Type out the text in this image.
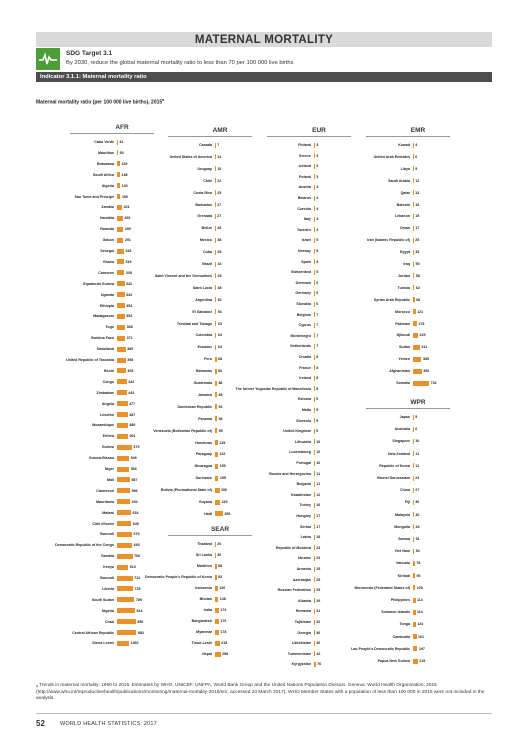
MATERNAL MORTALITY
SDG Target 3.1
By 2030, reduce the global maternal mortality ratio to less than 70 per 100 000 live births
Indicator 3.1.1: Maternal mortality ratio
Maternal mortality ratio (per 100 000 live births), 2015$^a$
AFR
Cabo Verde 42
Mauritius 53
Botswana 129
South Africa 138
Algeria 140
Sao Tome and Principe 156
Zambia	224
Namibia	265
Rwanda	290
Gabon	291
Senegal	315
Ghana	319
Comoros	335
Equatorial Guinea	342
Uganda	343
Ethiopia	353
Madagascar	353
Togo	368
Burkina Faso	371
Swaziland	389
United Republic of Tanzania	398
Benin	405
Congo	442
Zimbabwe	443
Angola	477
Lesotho	487
Mozambique	489
Eritrea	501
Guinea	679
Guinea-Bissau	549
Niger	553
Mali	587
Cameroon	596
Mauritania	602
Malawi	634
Côte d'Ivoire	645
Burundi	679
Democratic Republic of the Congo	693
Gambia	706
Kenya	510
Burundi	712
Liberia	725
South Sudan	789
Nigeria	814
Chad	856
Central African Republic	882
Sierra Leone	1360
AMR
Canada 7
United States of America 14
Uruguay 15
Chile 22
Costa Rica 25
Barbados 27
Grenada 27
Belize 28
Mexico 38
Cuba 39
Brazil 44
Saint Vincent and the Grenadines 45
Saint Lucia 48
Argentina 52
El Salvador 54
Trinidad and Tobago 63
Colombia 64
Ecuador 64
Peru 68
Bahamas 80
Guatemala 88
Jamaica 89
Dominican Republic 92
Panama 94
Venezuela (Bolivarian Republic of) 95
Honduras 129
Paraguay 132
Nicaragua 150
Suriname 155
Bolivia (Plurinational State of)	206
Guyana	229
Haiti	359
SEAR
Thailand 20
Sri Lanka 30
Maldives 68
Democratic People's Republic of Korea 82
Indonesia 126
Bhutan 148
India 174
Bangladesh 176
Myanmar 178
Timor-Leste	215
Nepal	258
EUR
Finland 3
Greece 3
Iceland 3
Poland 3
Austria 4
Belarus 4
Czechia 4
Italy 4
Sweden 4
Israel 5
Norway 5
Spain 5
Switzerland 5
Denmark 6
Germany 6
Slovakia 6
Belgium 7
Cyprus 7
Montenegro 7
Netherlands 7
Croatia 8
France 8
Ireland 8
The former Yugoslav Republic of Macedonia 8
Estonia 9
Malta 9
Slovenia 9
United Kingdom 9
Lithuania 10
Luxembourg 10
Portugal 10
Bosnia and Herzegovina 11
Bulgaria 11
Kazakhstan 12
Turkey 16
Hungary 17
Serbia 17
Latvia 18
Republic of Moldova 23
Ukraine 24
Armenia 25
Azerbaijan 25
Russian Federation 25
Albania 29
Romania 31
Tajikistan 32
Georgia 36
Uzbekistan 36
Turkmenistan 42
Kyrgyzstan 76
EMR
Kuwait 4
United Arab Emirates 6
Libya 9
Saudi Arabia 12
Qatar 13
Bahrain 15
Lebanon 15
Oman 17
Iran (Islamic Republic of) 25
Egypt 33
Iraq 50
Jordan 58
Tunisia 62
Syrian Arab Republic 68
Morocco 121
Pakistan 178
Djibouti	229
Sudan	311
Yemen	385
Afghanistan	396
Somalia	732
WPR
Japan 5
Australia 6
Singapore 10
New Zealand 11
Republic of Korea 11
Brunei Darussalam 23
China 27
Fiji 30
Malaysia 40
Mongolia 44
Samoa 51
Viet Nam 54
Vanuatu 78
Kiribati 90
Micronesia (Federated States of) 100
Philippines 114
Solomon Islands 114
Tonga 124
Cambodia 161
Lao People's Democratic Republic 197
Papua New Guinea	215
$^a$ Trends in maternal mortality: 1990 to 2015. Estimates by WHO, UNICEF, UNFPA, World Bank Group and the United Nations Population Division. Geneva: World Health Organization; 2015 (http://www.who.int/reproductivehealth/publications/monitoring/maternal-mortality-2015/en/, accessed 23 March 2017). WHO Member States with a population of less than 100 000 in 2015 were not included in the analysis.
52	WORLD HEALTH STATISTICS: 2017
